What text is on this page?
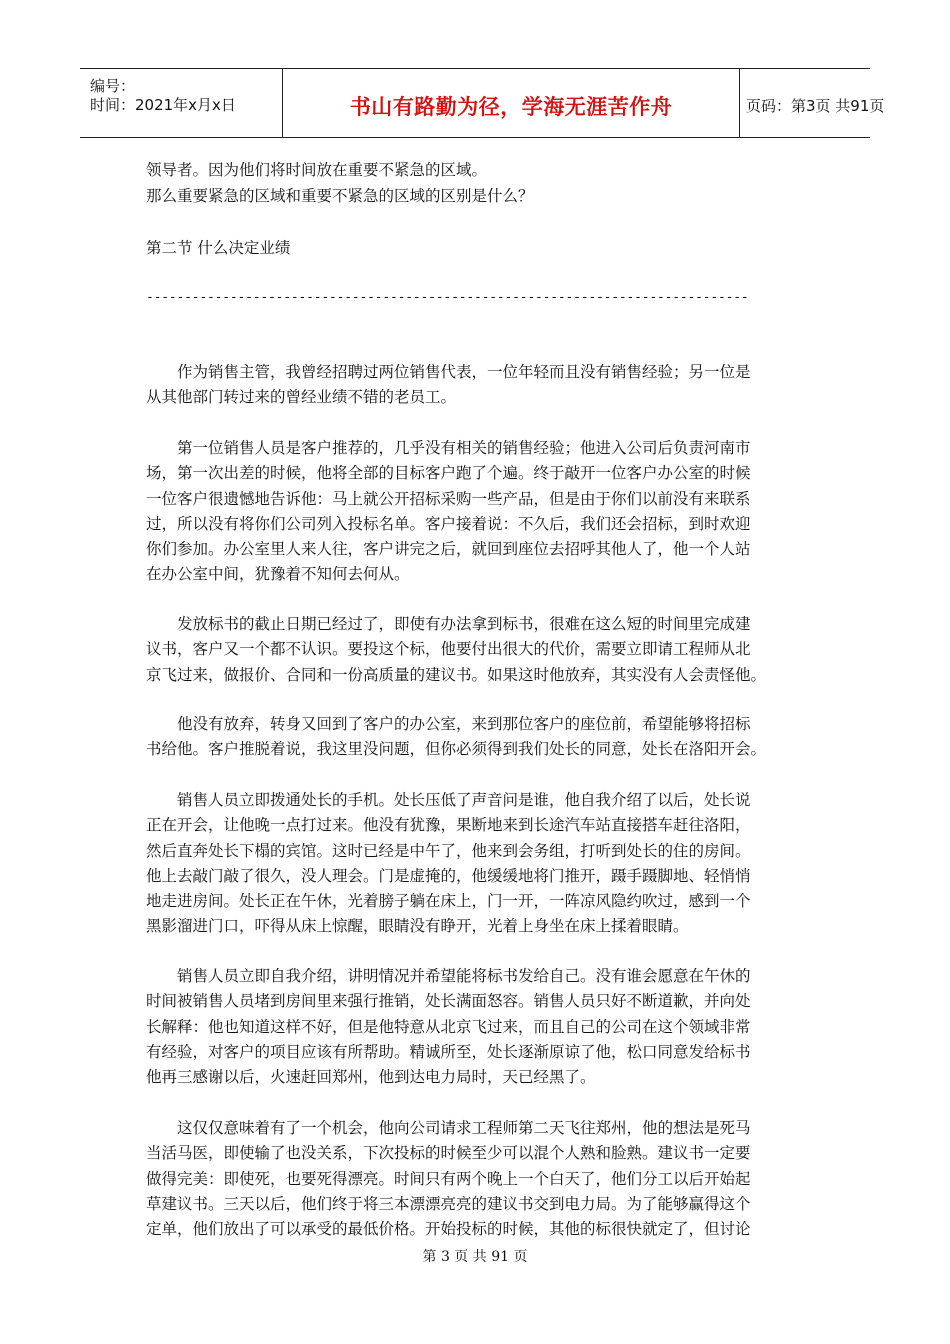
编号：
时间：2021年x月x日	书山有路勤为径，学海无涯苦作舟	页码：第3页 共91页
领导者。因为他们将时间放在重要不紧急的区域。
那么重要紧急的区域和重要不紧急的区域的区别是什么？
第二节 什么决定业绩
-------------------------------------------------------------------------------

　　作为销售主管，我曾经招聘过两位销售代表，一位年轻而且没有销售经验；另一位是

从其他部门转过来的曾经业绩不错的老员工。

　　第一位销售人员是客户推荐的，几乎没有相关的销售经验；他进入公司后负责河南市

场，第一次出差的时候，他将全部的目标客户跑了个遍。终于敲开一位客户办公室的时候

一位客户很遗憾地告诉他：马上就公开招标采购一些产品，但是由于你们以前没有来联系

过，所以没有将你们公司列入投标名单。客户接着说：不久后，我们还会招标，到时欢迎

你们参加。办公室里人来人往，客户讲完之后，就回到座位去招呼其他人了，他一个人站

在办公室中间，犹豫着不知何去何从。

　　发放标书的截止日期已经过了，即使有办法拿到标书，很难在这么短的时间里完成建

议书，客户又一个都不认识。要投这个标，他要付出很大的代价，需要立即请工程师从北

京飞过来，做报价、合同和一份高质量的建议书。如果这时他放弃，其实没有人会责怪他。

　　他没有放弃，转身又回到了客户的办公室，来到那位客户的座位前，希望能够将招标

书给他。客户推脱着说，我这里没问题，但你必须得到我们处长的同意，处长在洛阳开会。

　　销售人员立即拨通处长的手机。处长压低了声音问是谁，他自我介绍了以后，处长说

正在开会，让他晚一点打过来。他没有犹豫，果断地来到长途汽车站直接搭车赶往洛阳，

然后直奔处长下榻的宾馆。这时已经是中午了，他来到会务组，打听到处长的住的房间。

他上去敲门敲了很久，没人理会。门是虚掩的，他缓缓地将门推开，蹑手蹑脚地、轻悄悄

地走进房间。处长正在午休，光着膀子躺在床上，门一开，一阵凉风隐约吹过，感到一个

黑影溜进门口，吓得从床上惊醒，眼睛没有睁开，光着上身坐在床上揉着眼睛。

　　销售人员立即自我介绍，讲明情况并希望能将标书发给自己。没有谁会愿意在午休的

时间被销售人员堵到房间里来强行推销，处长满面怒容。销售人员只好不断道歉，并向处

长解释：他也知道这样不好，但是他特意从北京飞过来，而且自己的公司在这个领域非常

有经验，对客户的项目应该有所帮助。精诚所至，处长逐渐原谅了他，松口同意发给标书

他再三感谢以后，火速赶回郑州，他到达电力局时，天已经黑了。

　　这仅仅意味着有了一个机会，他向公司请求工程师第二天飞往郑州，他的想法是死马

当活马医，即使输了也没关系，下次投标的时候至少可以混个人熟和脸熟。建议书一定要

做得完美：即使死，也要死得漂亮。时间只有两个晚上一个白天了，他们分工以后开始起

草建议书。三天以后，他们终于将三本漂漂亮亮的建议书交到电力局。为了能够赢得这个

定单，他们放出了可以承受的最低价格。开始投标的时候，其他的标很快就定了，但讨论

第 3 页 共 91 页
